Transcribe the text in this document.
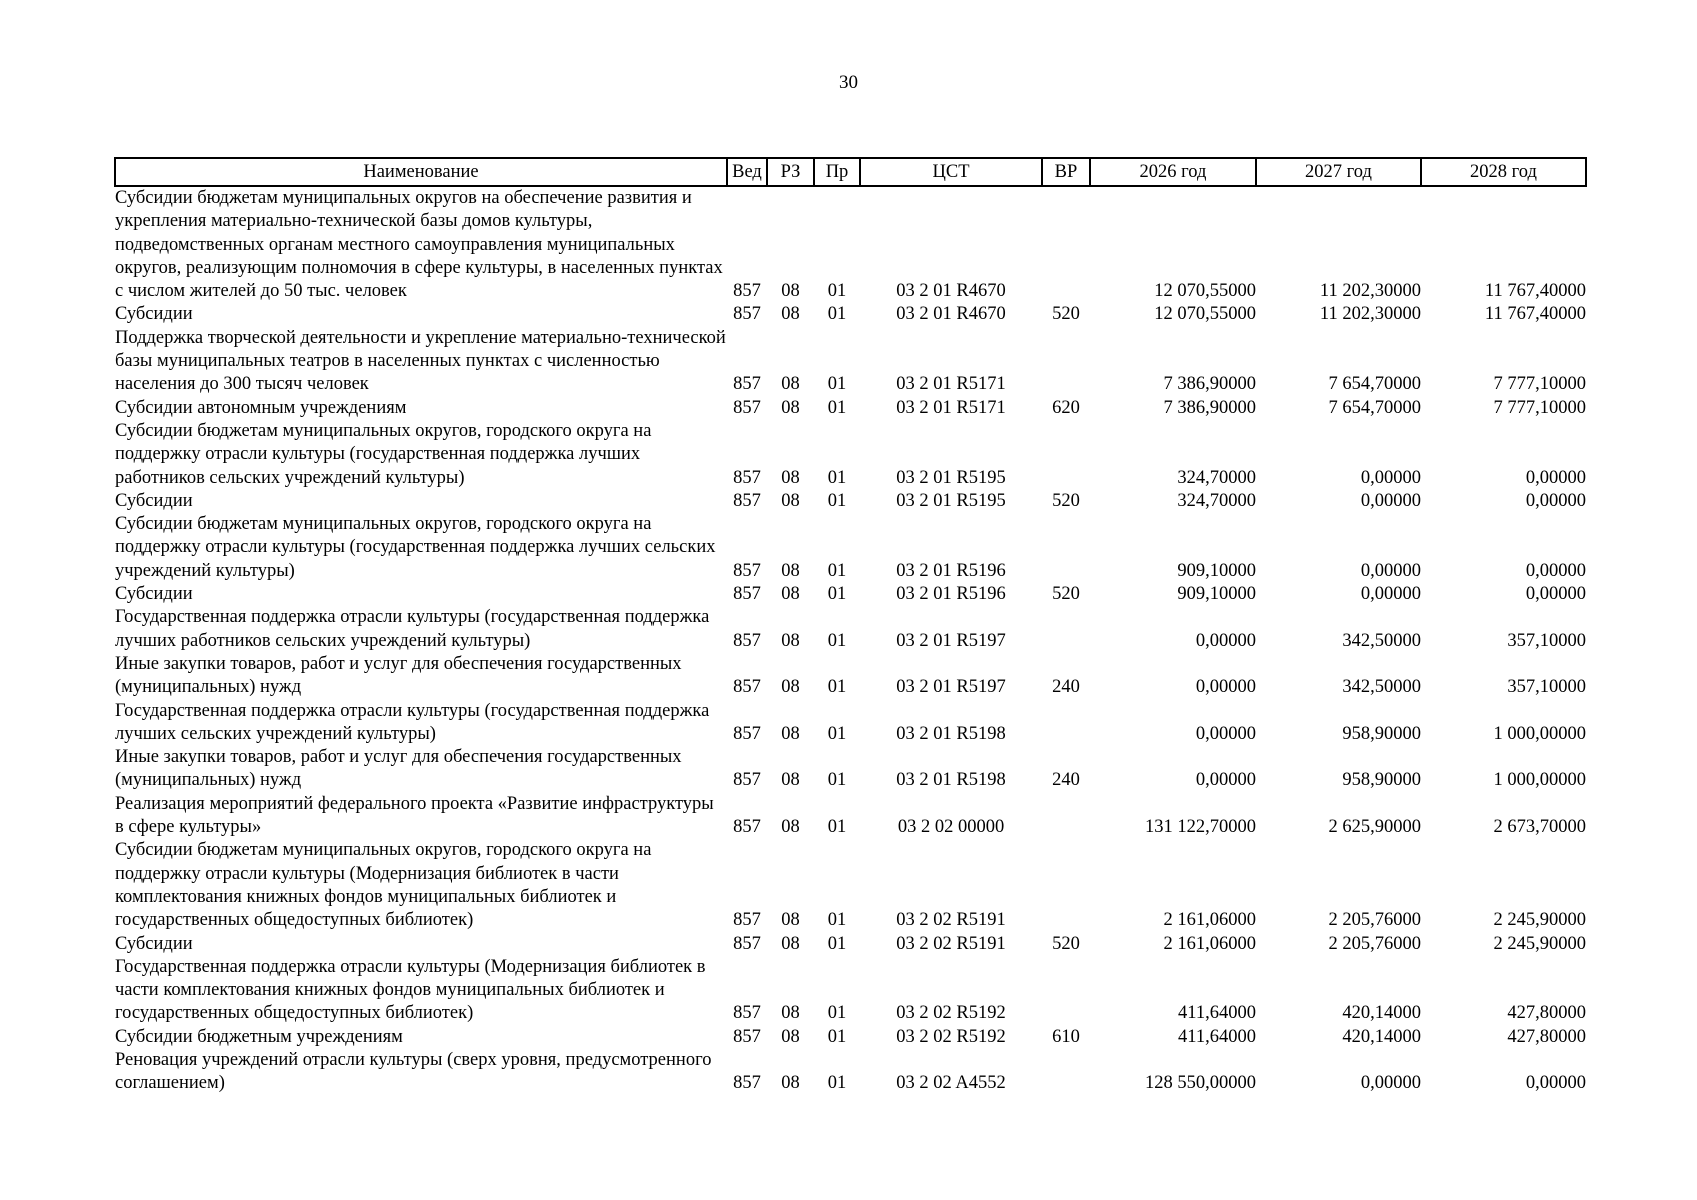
30
Наименование	Вед	РЗ	Пр	ЦСТ	ВР	2026 год	2027 год	2028 год
Субсидии бюджетам муниципальных округов на обеспечение развития и укрепления материально-технической базы домов культуры, подведомственных органам местного самоуправления муниципальных округов, реализующим полномочия в сфере культуры, в населенных пунктах с числом жителей до 50 тыс. человек	857	08	01	03 2 01 R4670		12 070,55000	11 202,30000	11 767,40000
Субсидии	857	08	01	03 2 01 R4670	520	12 070,55000	11 202,30000	11 767,40000
Поддержка творческой деятельности и укрепление материально-технической базы муниципальных театров в населенных пунктах с численностью населения до 300 тысяч человек	857	08	01	03 2 01 R5171		7 386,90000	7 654,70000	7 777,10000
Субсидии автономным учреждениям	857	08	01	03 2 01 R5171	620	7 386,90000	7 654,70000	7 777,10000
Субсидии бюджетам муниципальных округов, городского округа на поддержку отрасли культуры (государственная поддержка лучших работников сельских учреждений культуры)	857	08	01	03 2 01 R5195		324,70000	0,00000	0,00000
Субсидии	857	08	01	03 2 01 R5195	520	324,70000	0,00000	0,00000
Субсидии бюджетам муниципальных округов, городского округа на поддержку отрасли культуры (государственная поддержка лучших сельских учреждений культуры)	857	08	01	03 2 01 R5196		909,10000	0,00000	0,00000
Субсидии	857	08	01	03 2 01 R5196	520	909,10000	0,00000	0,00000
Государственная поддержка отрасли культуры (государственная поддержка лучших работников сельских учреждений культуры)	857	08	01	03 2 01 R5197		0,00000	342,50000	357,10000
Иные закупки товаров, работ и услуг для обеспечения государственных (муниципальных) нужд	857	08	01	03 2 01 R5197	240	0,00000	342,50000	357,10000
Государственная поддержка отрасли культуры (государственная поддержка лучших сельских учреждений культуры)	857	08	01	03 2 01 R5198		0,00000	958,90000	1 000,00000
Иные закупки товаров, работ и услуг для обеспечения государственных (муниципальных) нужд	857	08	01	03 2 01 R5198	240	0,00000	958,90000	1 000,00000
Реализация мероприятий федерального проекта «Развитие инфраструктуры в сфере культуры»	857	08	01	03 2 02 00000		131 122,70000	2 625,90000	2 673,70000
Субсидии бюджетам муниципальных округов, городского округа на поддержку отрасли культуры (Модернизация библиотек в части комплектования книжных фондов муниципальных библиотек и государственных общедоступных библиотек)	857	08	01	03 2 02 R5191		2 161,06000	2 205,76000	2 245,90000
Субсидии	857	08	01	03 2 02 R5191	520	2 161,06000	2 205,76000	2 245,90000
Государственная поддержка отрасли культуры (Модернизация библиотек в части комплектования книжных фондов муниципальных библиотек и государственных общедоступных библиотек)	857	08	01	03 2 02 R5192		411,64000	420,14000	427,80000
Субсидии бюджетным учреждениям	857	08	01	03 2 02 R5192	610	411,64000	420,14000	427,80000
Реновация учреждений отрасли культуры (сверх уровня, предусмотренного соглашением)	857	08	01	03 2 02 A4552		128 550,00000	0,00000	0,00000
